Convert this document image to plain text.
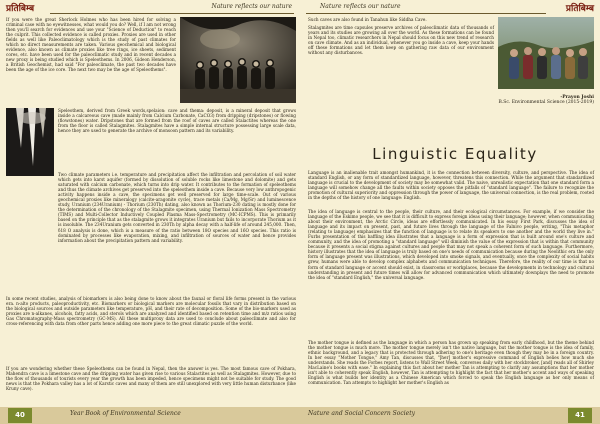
प्रतिबिम्ब	Nature reflects our nature

If you were the great Sherlock Holmes who has been hired for solving a criminal case with no eyewitnesses, what would you do? Well, if I am not wrong then you'll search for evidences and use your "Science of Deduction" to reach the culprit. This collected evidence is called proxies. Proxies are used in other fields as well like Paleoclimatology which is the study of past climates for which no direct measurements are taken. Various geochemical and biological evidence, also known as climate proxies like tree rings, ice sheets, sediment cores, etc. have been used for the paleoclimatic study and in recent decades a new proxy is being studied which is Speleothems. In 2006, Gideon Henderson, a British Geochemist, had said "For paleoclimate, the past two decades have been the age of the ice core. The next two may be the age of Speleothems".

Speleothem, derived from Greek words,spelaion: cave and thema: deposit, is a mineral deposit that grows inside a calcareous cave (made mainly from Calcium Carbonate, CaCO3) from dripping (dripstones) or flowing (flowstones) water. Dripstones that are formed from the roof of caves are called Stalactites whereas the one from the floor is called Stalagmites. Stalagmites have a simple internal structure possessing large scale data, hence they are used to generate the archive of monsoon pattern and its variability.

Two climate parameters i.e. temperature and precipitation affect the infiltration and percolation of soil water which gets into karst aquifer (formed by dissolution of soluble rocks like limestone and dolomite) and gets saturated with calcium carbonate, which turns into drip water. It contributes to the formation of speleothems and thus the climate archives get preserved into the speleothem inside a cave. Because very low anthropogenic activity happens inside a cave, the specimens get well preserved for large time-scale. Out of various geochemical proxies like mineralogy (calcite-aragonite cycle), trace metals (Ca/Mg, Mg/Sr) and luminescence study, Uranium (234Uranium) - Thorium (230Th) dating, also known as Thorium-230 dating is mostly done for the determination of the chronology of the Stalagmite specimen, using Thermal Ionization Mass Spectrometry (TIMS) and Multi-Collector Inductively Coupled Plasma Mass-Spectrometry (MC-ICPMS). This is primarily based on the principle that as the stalagmite grows it integrates Uranium but fails to incorporate Thorium as it is insoluble. The 234Uranium gets converted in 230Th by alpha decay with a half-life of around 245,000. Then, δ18 O analysis is done, which is a measure of the ratio between 18O species and 16O species. This ratio is dominated by processes like evaporation, mixing, and infiltration of sources of water and hence provides information about the precipitation pattern and variability.

In some recent studies, analysis of biomarkers is also being done to know about the faunal or floral life forms present in the various era. n-alto products, paleoproductivity, etc. Biomarkers or biological markers are molecular fossils that vary in distribution based on the biological sources and outside parameters like temperature, pH, and their rate of decomposition. Some of the bio-markers used as proxies are n-alkanes, alcohols, fatty acids, and sterols which are analyzed and identified based on retention time and m/z ratios using Gas Chromatography-Mass spectrometry (GC-MS). All these multiproxy data are used to conclude about paleoclimate and also for cross-referencing with data from other parts hence adding one more piece to the great climatic puzzle of the world.

If you are wondering whether these Speleothems can be found in Nepal, then the answer is yes. The most famous cave of Pokhara, Mahendra cave is a limestone cave and the dripping water has given rise to various Stalactites as well as Stalagmites. However, due to the flow of thousands of tourists every year the growth has been impeded, hence specimens might not be suitable for study. The good news is that the Pokhara valley has a lot of Karstic caves and many of them are still unexplored with very little human disturbance (like Kruny cave).

40	Year Book of Environmental Science
Nature reflects our nature	प्रतिबिम्ब

Such caves are also found in Tanahun like Siddha Cave.

Stalagmites are time capsules preserve archives of paleoclimatic data of thousands of years and its studies are growing all over the world. As these formations can be found in Nepal too, climatic researchers in Nepal should focus on this new trend of research on cave climate. And as an individual, whenever you go inside a cave, keep your hands off these formations and let them keep on gathering raw data of our environment without any disturbances.

-Prayon Joshi
B.Sc. Environmental Science (2015-2019)
Linguistic Equality

Language is an inalienable trait amongst humankind, it is the connection between diversity, culture, and perspective. The idea of standard English, or any form of standardized language, however, threatens this connection. While the argument that standardized language is crucial to the development of society may be somewhat valid. The naive, unrealistic expectation that one standard form a language will somehow change all the faults within society opposes the pitfalls of "standard language". The failure to recognize the promotion of cultural superiority and oppression through the power of language, the universal connection, is the real problem, rooted in the depths of the history of one language: English.

The idea of language is central to the people, their culture, and their ecological circumstances. For example, if we consider the language of the Eskimo people, we see that it is difficult to express foreign ideas using their language; however, when communicating about their environment, the Arctic Circle, ideas are effortlessly communicated. In his essay First Park, discusses the idea of language and its impact on present, past, and future lives through the language of the Falnivo people, writing, "This metaphor (relating to language) emphasizes that the function of language is to relate its speakers to one another and the world they live in." Furbs presentation of this baffling idea illustrates that a language is a form of expression that is built around one's culture and community, and the idea of promoting a "standard language" will diminish the value of the expression that is within that community because it presents a social stigma against cultures and people that may not speak a coherent form of such language. Furthermore, history illustrates that the idea of language is truly based on one's needs of communication because during the Neolithic era the only form of language present was illustrations, which developed into smoke signals, and eventually, once the complexity of social habits grew, humans were able to develop complex alphabets and communication techniques. Therefore, the reality of our time is that no form of standard language or accent should exist, in classrooms or workplaces, because the developments in technology and cultural understanding in present and future times will allow for advanced communication which ultimately downplays the need to promote the idea of "standard English," the universal language.

The mother tongue is defined as the language in which a person has grown up speaking from early childhood, but the theme behind the mother tongue is much more. The mother tongue merely isn't the native language, but the mother tongue is the idea of family, ethnic background, and a legacy that is protected through adhering to one's heritage even though they may be in a foreign country. In her essay "Mother Tongue," Amy Tan, discusses that, "[her] mother's expressive command of English belies how much she understands. She reads the Forbes report, listens to Wall Street Week, converses daily with her stockbroker, [and] reads all of Shirley MacLaine's books with ease." In explaining this fact about her mother Tan is attempting to clarify any assumptions that her mother isn't able to coherently speak English, however, Tan is attempting to highlight the fact that her mother's accent and ways of speaking English is what builds her identity as a Chinese American which forced to speak the English language as her only means of communication. Tan attempts to highlight her mother's English as

Nature and Social Concern Society	41
